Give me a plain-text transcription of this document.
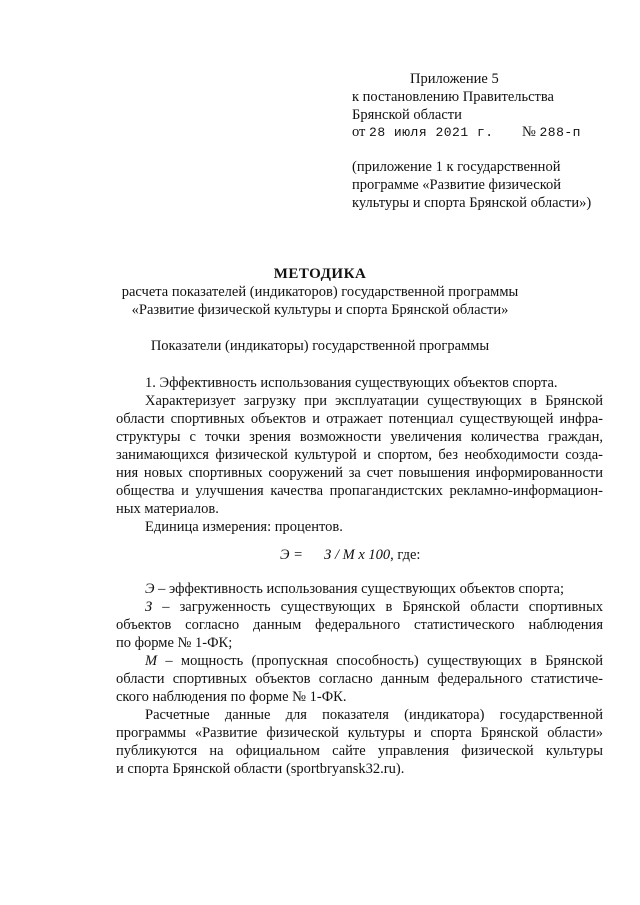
Приложение 5
к постановлению Правительства
Брянской области
от 28 июля 2021 г. № 288-п
(приложение 1 к государственной
программе «Развитие физической
культуры и спорта Брянской области»)
МЕТОДИКА
расчета показателей (индикаторов) государственной программы
«Развитие физической культуры и спорта Брянской области»
Показатели (индикаторы) государственной программы
1. Эффективность использования существующих объектов спорта.
Характеризует загрузку при эксплуатации существующих в Брянской
области спортивных объектов и отражает потенциал существующей инфра-
структуры с точки зрения возможности увеличения количества граждан,
занимающихся физической культурой и спортом, без необходимости созда-
ния новых спортивных сооружений за счет повышения информированности
общества и улучшения качества пропагандистских рекламно-информацион-
ных материалов.
Единица измерения: процентов.
Э = З / М х 100, где:
Э – эффективность использования существующих объектов спорта;
З – загруженность существующих в Брянской области спортивных
объектов согласно данным федерального статистического наблюдения
по форме № 1-ФК;
М – мощность (пропускная способность) существующих в Брянской
области спортивных объектов согласно данным федерального статистиче-
ского наблюдения по форме № 1-ФК.
Расчетные данные для показателя (индикатора) государственной
программы «Развитие физической культуры и спорта Брянской области»
публикуются на официальном сайте управления физической культуры
и спорта Брянской области (sportbryansk32.ru).
